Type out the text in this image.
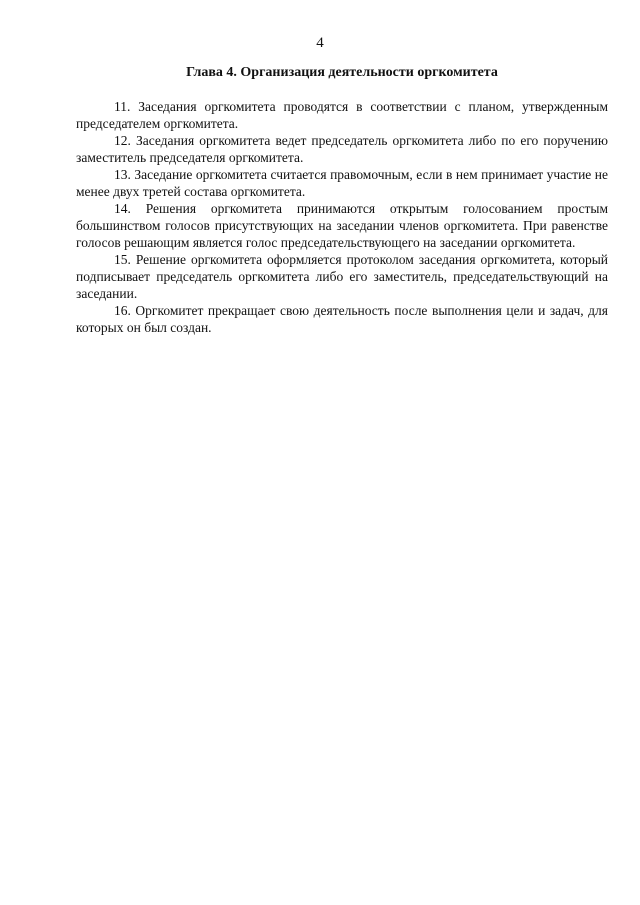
4
Глава 4. Организация деятельности оргкомитета

11. Заседания оргкомитета проводятся в соответствии с планом, утвержденным председателем оргкомитета.

12. Заседания оргкомитета ведет председатель оргкомитета либо по его поручению заместитель председателя оргкомитета.

13. Заседание оргкомитета считается правомочным, если в нем принимает участие не менее двух третей состава оргкомитета.

14. Решения оргкомитета принимаются открытым голосованием простым большинством голосов присутствующих на заседании членов оргкомитета. При равенстве голосов решающим является голос председательствующего на заседании оргкомитета.

15. Решение оргкомитета оформляется протоколом заседания оргкомитета, который подписывает председатель оргкомитета либо его заместитель, председательствующий на заседании.

16. Оргкомитет прекращает свою деятельность после выполнения цели и задач, для которых он был создан.
